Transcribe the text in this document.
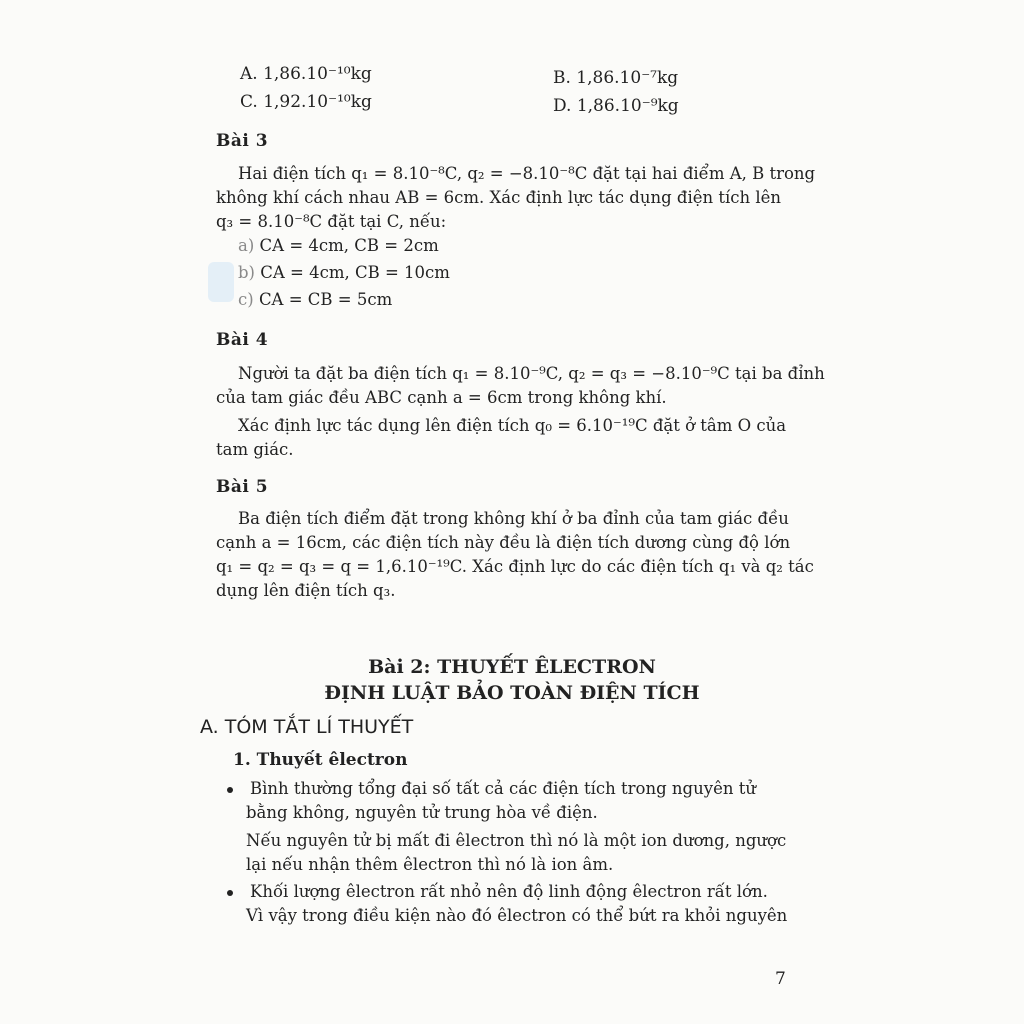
A. 1,86.10⁻¹⁰kg	B. 1,86.10⁻⁷kg
C. 1,92.10⁻¹⁰kg	D. 1,86.10⁻⁹kg
Bài 3
Hai điện tích q₁ = 8.10⁻⁸C, q₂ = −8.10⁻⁸C đặt tại hai điểm A, B trong
không khí cách nhau AB = 6cm. Xác định lực tác dụng điện tích lên
q₃ = 8.10⁻⁸C đặt tại C, nếu:
a) CA = 4cm, CB = 2cm
b) CA = 4cm, CB = 10cm
c) CA = CB = 5cm
Bài 4
Người ta đặt ba điện tích q₁ = 8.10⁻⁹C, q₂ = q₃ = −8.10⁻⁹C tại ba đỉnh
của tam giác đều ABC cạnh a = 6cm trong không khí.
Xác định lực tác dụng lên điện tích q₀ = 6.10⁻¹⁹C đặt ở tâm O của
tam giác.
Bài 5
Ba điện tích điểm đặt trong không khí ở ba đỉnh của tam giác đều
cạnh a = 16cm, các điện tích này đều là điện tích dương cùng độ lớn
q₁ = q₂ = q₃ = q = 1,6.10⁻¹⁹C. Xác định lực do các điện tích q₁ và q₂ tác
dụng lên điện tích q₃.
Bài 2: THUYẾT ÊLECTRON
ĐỊNH LUẬT BẢO TOÀN ĐIỆN TÍCH
A. TÓM TẮT LÍ THUYẾT
1. Thuyết êlectron
Bình thường tổng đại số tất cả các điện tích trong nguyên tử
bằng không, nguyên tử trung hòa về điện.
Nếu nguyên tử bị mất đi êlectron thì nó là một ion dương, ngược
lại nếu nhận thêm êlectron thì nó là ion âm.
Khối lượng êlectron rất nhỏ nên độ linh động êlectron rất lớn.
Vì vậy trong điều kiện nào đó êlectron có thể bứt ra khỏi nguyên
7
